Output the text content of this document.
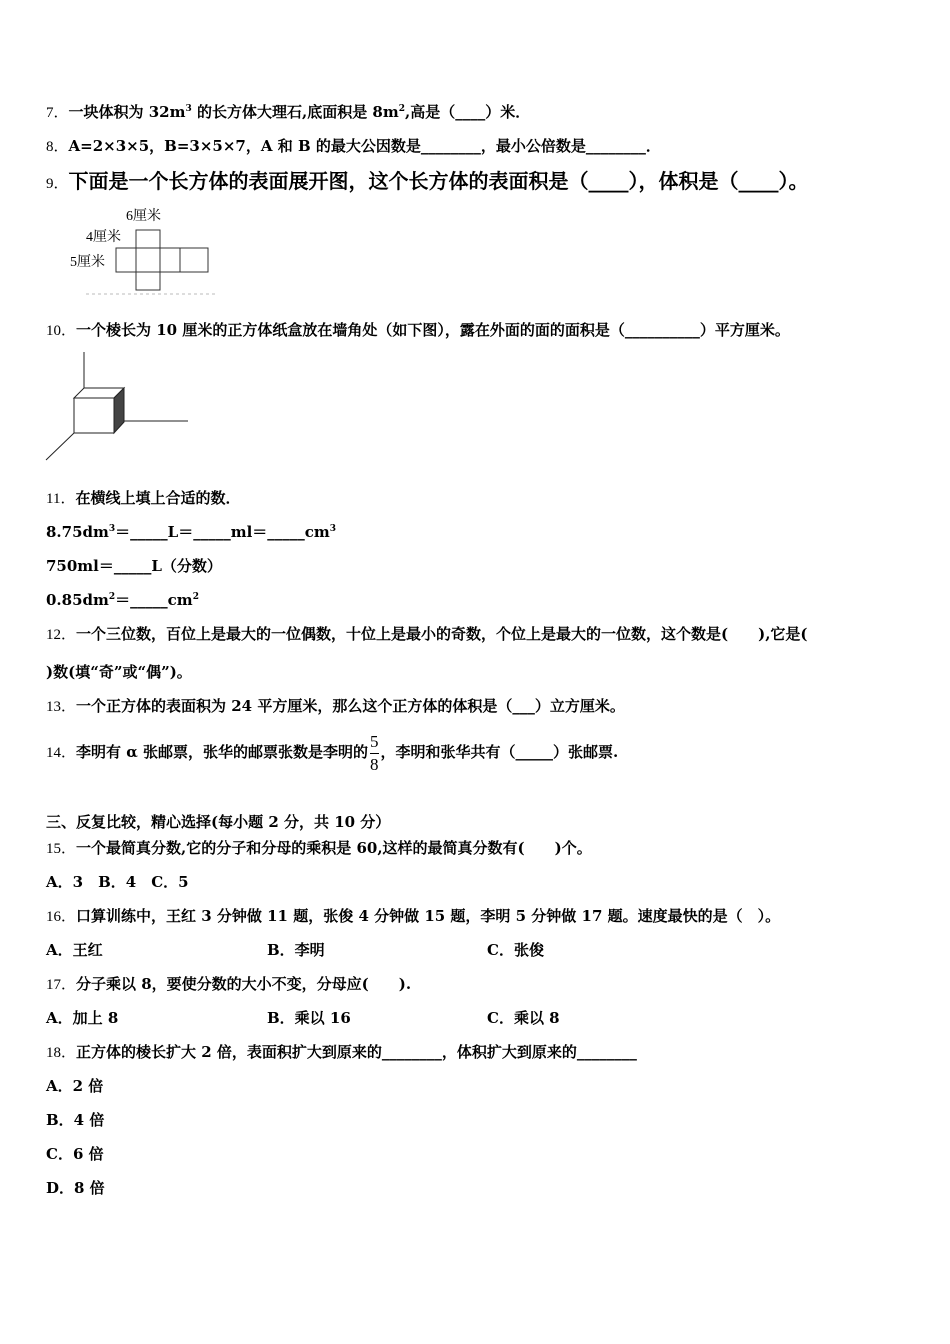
7．一块体积为 $32m^3$ 的长方体大理石,底面积是 $8m^2$,高是（____）米．
8．A=2×3×5，B=3×5×7，A 和 B 的最大公因数是________，最小公倍数是________．
9．下面是一个长方体的表面展开图，这个长方体的表面积是（____），体积是（____）。
6厘米
4厘米
5厘米
10．一个棱长为 10 厘米的正方体纸盒放在墙角处（如下图），露在外面的面的面积是（__________）平方厘米。
11．在横线上填上合适的数．
$8.75dm^3=\_\_\_\_\_L=\_\_\_\_\_ml=\_\_\_\_\_cm^3$
750ml＝_____L（分数）
$0.85dm^2=\_\_\_\_\_cm^2$
12．一个三位数，百位上是最大的一位偶数，十位上是最小的奇数，个位上是最大的一位数，这个数是(　　),它是(
)数(填“奇”或“偶”)。
13．一个正方体的表面积为 24 平方厘米，那么这个正方体的体积是（___）立方厘米。
14．李明有 α 张邮票，张华的邮票张数是李明的 $\frac{5}{8}$ ，李明和张华共有（_____）张邮票.
三、反复比较，精心选择(每小题 2 分，共 10 分）
15．一个最简真分数,它的分子和分母的乘积是 60,这样的最简真分数有(　　)个。
A．3　B．4　C．5
16．口算训练中，王红 3 分钟做 11 题，张俊 4 分钟做 15 题，李明 5 分钟做 17 题。速度最快的是（　）。
A．王红	B．李明	C．张俊
17．分子乘以 8，要使分数的大小不变，分母应(　　).
A．加上 8	B．乘以 16	C．乘以 8
18．正方体的棱长扩大 2 倍，表面积扩大到原来的________，体积扩大到原来的________
A．2 倍
B．4 倍
C．6 倍
D．8 倍
